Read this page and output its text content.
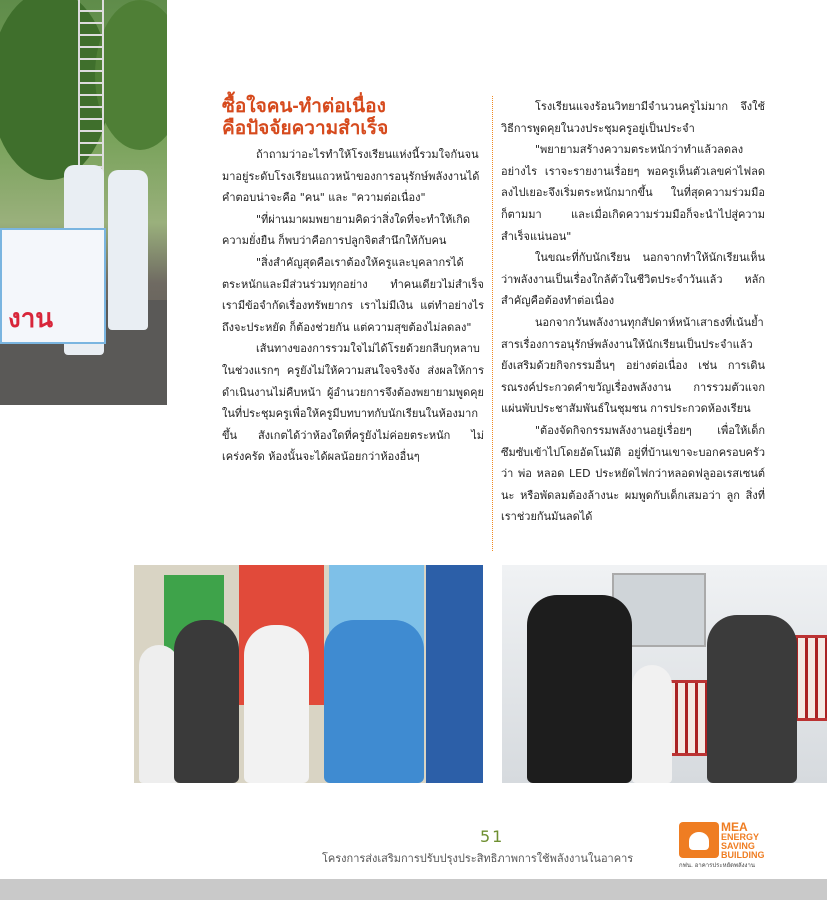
งาน
ซื้อใจคน-ทำต่อเนื่อง
คือปัจจัยความสำเร็จ

ถ้าถามว่าอะไรทำให้โรงเรียนแห่งนี้รวมใจกันจนมาอยู่ระดับโรงเรียนแถวหน้าของการอนุรักษ์พลังงานได้ คำตอบน่าจะคือ "คน" และ "ความต่อเนื่อง"

"ที่ผ่านมาผมพยายามคิดว่าสิ่งใดที่จะทำให้เกิดความยั่งยืน ก็พบว่าคือการปลูกจิตสำนึกให้กับคน

"สิ่งสำคัญสุดคือเราต้องให้ครูและบุคลากรได้ตระหนักและมีส่วนร่วมทุกอย่าง ทำคนเดียวไม่สำเร็จ เรามีข้อจำกัดเรื่องทรัพยากร เราไม่มีเงิน แต่ทำอย่างไรถึงจะประหยัด ก็ต้องช่วยกัน แต่ความสุขต้องไม่ลดลง"

เส้นทางของการรวมใจไม่ได้โรยด้วยกลีบกุหลาบ ในช่วงแรกๆ ครูยังไม่ให้ความสนใจจริงจัง ส่งผลให้การดำเนินงานไม่คืบหน้า ผู้อำนวยการจึงต้องพยายามพูดคุยในที่ประชุมครูเพื่อให้ครูมีบทบาทกับนักเรียนในห้องมากขึ้น สังเกตได้ว่าห้องใดที่ครูยังไม่ค่อยตระหนัก ไม่เคร่งครัด ห้องนั้นจะได้ผลน้อยกว่าห้องอื่นๆ

โรงเรียนแจงร้อนวิทยามีจำนวนครูไม่มาก จึงใช้วิธีการพูดคุยในวงประชุมครูอยู่เป็นประจำ

"พยายามสร้างความตระหนักว่าทำแล้วลดลงอย่างไร เราจะรายงานเรื่อยๆ พอครูเห็นตัวเลขค่าไฟลดลงไปเยอะจึงเริ่มตระหนักมากขึ้น ในที่สุดความร่วมมือก็ตามมา และเมื่อเกิดความร่วมมือก็จะนำไปสู่ความสำเร็จแน่นอน"

ในขณะที่กับนักเรียน นอกจากทำให้นักเรียนเห็นว่าพลังงานเป็นเรื่องใกล้ตัวในชีวิตประจำวันแล้ว หลักสำคัญคือต้องทำต่อเนื่อง

นอกจากวันพลังงานทุกสัปดาห์หน้าเสาธงที่เน้นย้ำสารเรื่องการอนุรักษ์พลังงานให้นักเรียนเป็นประจำแล้ว ยังเสริมด้วยกิจกรรมอื่นๆ อย่างต่อเนื่อง เช่น การเดินรณรงค์ประกวดคำขวัญเรื่องพลังงาน การรวมตัวแจกแผ่นพับประชาสัมพันธ์ในชุมชน การประกวดห้องเรียน

"ต้องจัดกิจกรรมพลังงานอยู่เรื่อยๆ เพื่อให้เด็กซึมซับเข้าไปโดยอัตโนมัติ อยู่ที่บ้านเขาจะบอกครอบครัวว่า พ่อ หลอด LED ประหยัดไฟกว่าหลอดฟลูออเรสเซนต์นะ หรือพัดลมต้องล้างนะ ผมพูดกับเด็กเสมอว่า ลูก สิ่งที่เราช่วยกันมันลดได้

51
โครงการส่งเสริมการปรับปรุงประสิทธิภาพการใช้พลังงานในอาคาร
MEA
ENERGY
SAVING
BUILDING
กฟน. อาคารประหยัดพลังงาน
